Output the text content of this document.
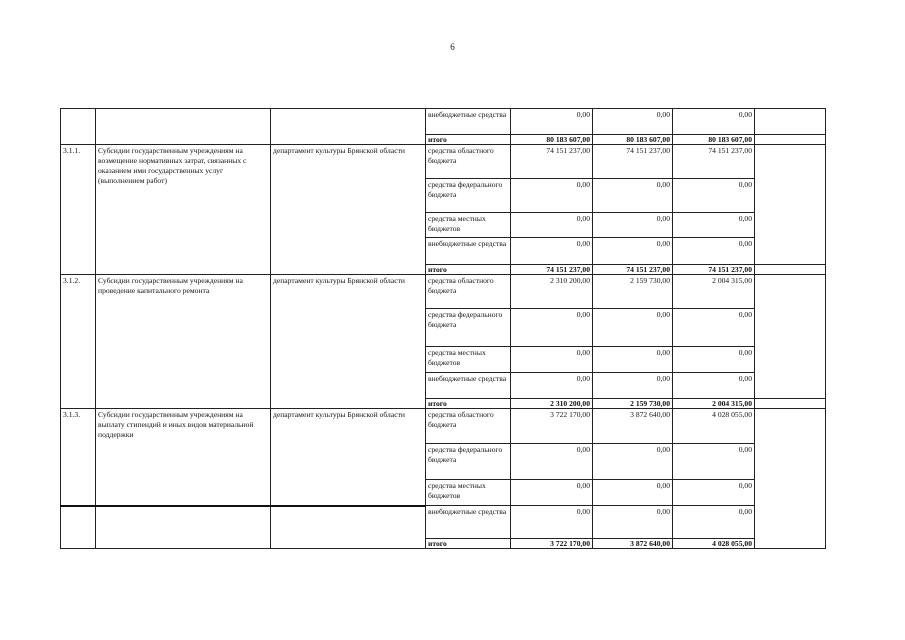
6
			внебюджетные средства	0,00	0,00	0,00	
			итого	80 183 607,00	80 183 607,00	80 183 607,00	
3.1.1.	Субсидии государственным учреждениям на возмещение нормативных затрат, связанных с оказанием ими государственных услуг (выполнением работ)	департамент культуры Брянской области	средства областного бюджета	74 151 237,00	74 151 237,00	74 151 237,00	
			средства федерального бюджета	0,00	0,00	0,00	
			средства местных бюджетов	0,00	0,00	0,00	
			внебюджетные средства	0,00	0,00	0,00	
			итого	74 151 237,00	74 151 237,00	74 151 237,00	
3.1.2.	Субсидии государственным учреждениям на проведение капитального ремонта	департамент культуры Брянской области	средства областного бюджета	2 310 200,00	2 159 730,00	2 004 315,00	
			средства федерального бюджета	0,00	0,00	0,00	
			средства местных бюджетов	0,00	0,00	0,00	
			внебюджетные средства	0,00	0,00	0,00	
			итого	2 310 200,00	2 159 730,00	2 004 315,00	
3.1.3.	Субсидии государственным учреждениям на выплату стипендий и иных видов материальной поддержки	департамент культуры Брянской области	средства областного бюджета	3 722 170,00	3 872 640,00	4 028 055,00	
			средства федерального бюджета	0,00	0,00	0,00	
			средства местных бюджетов	0,00	0,00	0,00	
			внебюджетные средства	0,00	0,00	0,00	
			итого	3 722 170,00	3 872 640,00	4 028 055,00	
